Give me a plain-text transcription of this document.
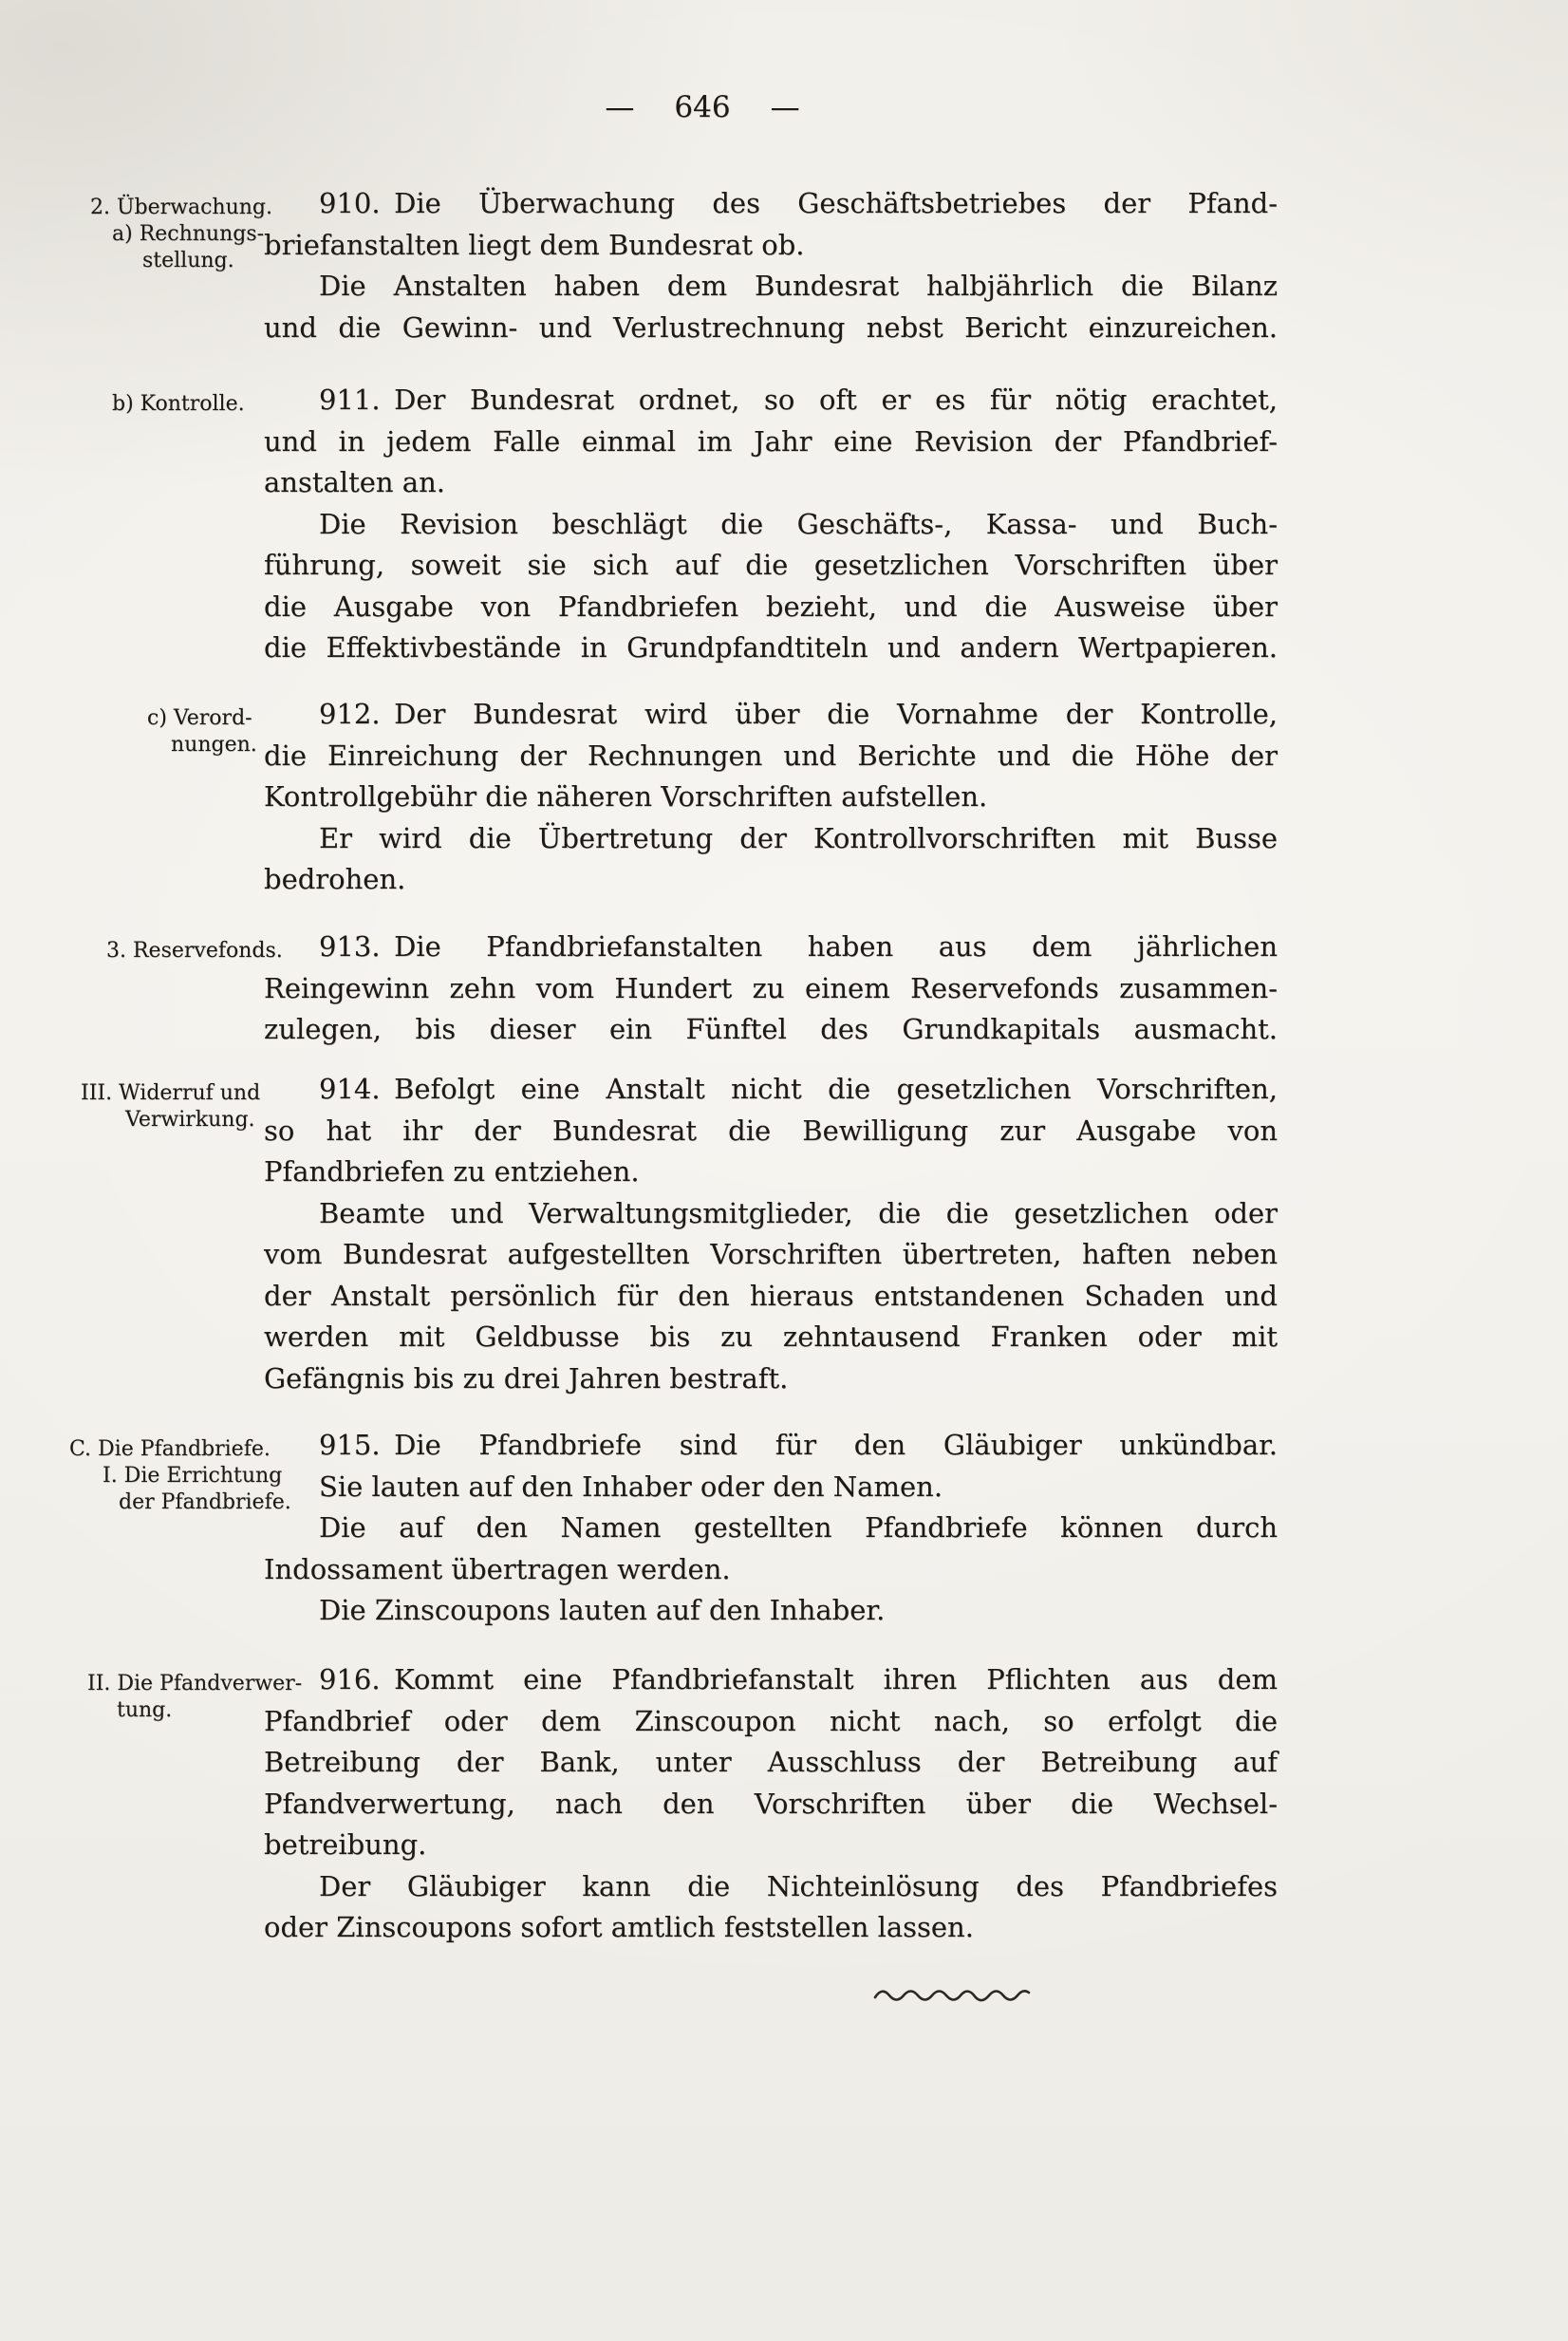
— 646 —
2. Überwachung.
a) Rechnungs-
stellung.
910. Die Überwachung des Geschäftsbetriebes der Pfand-
briefanstalten liegt dem Bundesrat ob.
Die Anstalten haben dem Bundesrat halbjährlich die Bilanz
und die Gewinn- und Verlustrechnung nebst Bericht einzureichen.
b) Kontrolle.	911. Der Bundesrat ordnet, so oft er es für nötig erachtet,
und in jedem Falle einmal im Jahr eine Revision der Pfandbrief-
anstalten an.
Die Revision beschlägt die Geschäfts-, Kassa- und Buch-
führung, soweit sie sich auf die gesetzlichen Vorschriften über
die Ausgabe von Pfandbriefen bezieht, und die Ausweise über
die Effektivbestände in Grundpfandtiteln und andern Wertpapieren.
c) Verord-
nungen.
912. Der Bundesrat wird über die Vornahme der Kontrolle,
die Einreichung der Rechnungen und Berichte und die Höhe der
Kontrollgebühr die näheren Vorschriften aufstellen.
Er wird die Übertretung der Kontrollvorschriften mit Busse
bedrohen.
3. Reservefonds.	913. Die Pfandbriefanstalten haben aus dem jährlichen
Reingewinn zehn vom Hundert zu einem Reservefonds zusammen-
zulegen, bis dieser ein Fünftel des Grundkapitals ausmacht.
III. Widerruf und
Verwirkung.
914. Befolgt eine Anstalt nicht die gesetzlichen Vorschriften,
so hat ihr der Bundesrat die Bewilligung zur Ausgabe von
Pfandbriefen zu entziehen.
Beamte und Verwaltungsmitglieder, die die gesetzlichen oder
vom Bundesrat aufgestellten Vorschriften übertreten, haften neben
der Anstalt persönlich für den hieraus entstandenen Schaden und
werden mit Geldbusse bis zu zehntausend Franken oder mit
Gefängnis bis zu drei Jahren bestraft.
C. Die Pfandbriefe.
I. Die Errichtung
der Pfandbriefe.
915. Die Pfandbriefe sind für den Gläubiger unkündbar.
Sie lauten auf den Inhaber oder den Namen.
Die auf den Namen gestellten Pfandbriefe können durch
Indossament übertragen werden.
Die Zinscoupons lauten auf den Inhaber.
II. Die Pfandverwer-
tung.
916. Kommt eine Pfandbriefanstalt ihren Pflichten aus dem
Pfandbrief oder dem Zinscoupon nicht nach, so erfolgt die
Betreibung der Bank, unter Ausschluss der Betreibung auf
Pfandverwertung, nach den Vorschriften über die Wechsel-
betreibung.
Der Gläubiger kann die Nichteinlösung des Pfandbriefes
oder Zinscoupons sofort amtlich feststellen lassen.
